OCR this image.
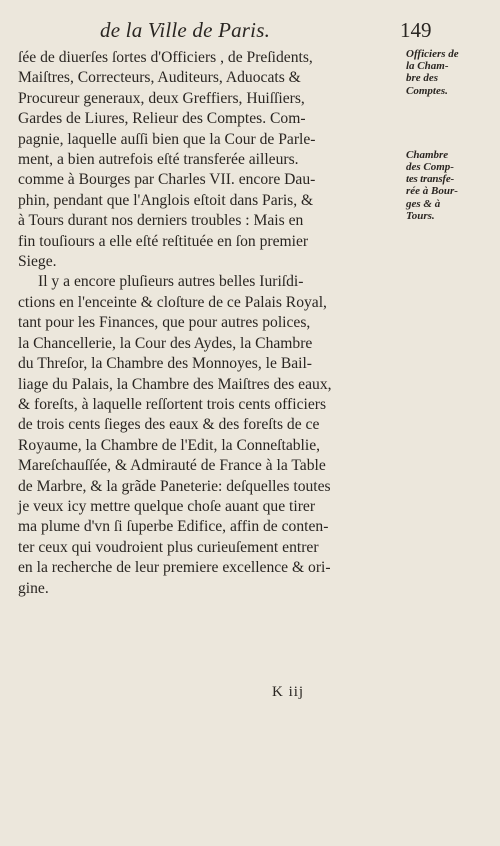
de la Ville de Paris.	149
ſée de diuerſes ſortes d'Officiers , de Preſidents,
Maiſtres, Correcteurs, Auditeurs, Aduocats &
Procureur generaux, deux Greffiers, Huiſſiers,
Gardes de Liures, Relieur des Comptes. Com-
pagnie, laquelle auſſi bien que la Cour de Parle-
ment, a bien autrefois eſté transferée ailleurs.
comme à Bourges par Charles VII. encore Dau-
phin, pendant que l'Anglois eſtoit dans Paris, &
à Tours durant nos derniers troubles : Mais en
fin touſiours a elle eſté reſtituée en ſon premier
Siege.
Il y a encore pluſieurs autres belles Iuriſdi-
ctions en l'enceinte & cloſture de ce Palais Royal,
tant pour les Finances, que pour autres polices,
la Chancellerie, la Cour des Aydes, la Chambre
du Threſor, la Chambre des Monnoyes, le Bail-
liage du Palais, la Chambre des Maiſtres des eaux,
& foreſts, à laquelle reſſortent trois cents officiers
de trois cents ſieges des eaux & des foreſts de ce
Royaume, la Chambre de l'Edit, la Conneſtablie,
Mareſchauſſée, & Admirauté de France à la Table
de Marbre, & la grãde Paneterie: deſquelles toutes
je veux icy mettre quelque choſe auant que tirer
ma plume d'vn ſi ſuperbe Edifice, affin de conten-
ter ceux qui voudroient plus curieuſement entrer
en la recherche de leur premiere excellence & ori-
gine.
Officiers de
la Cham-
bre des
Comptes.
Chambre
des Comp-
tes transfe-
rée à Bour-
ges & à
Tours.
K iij
